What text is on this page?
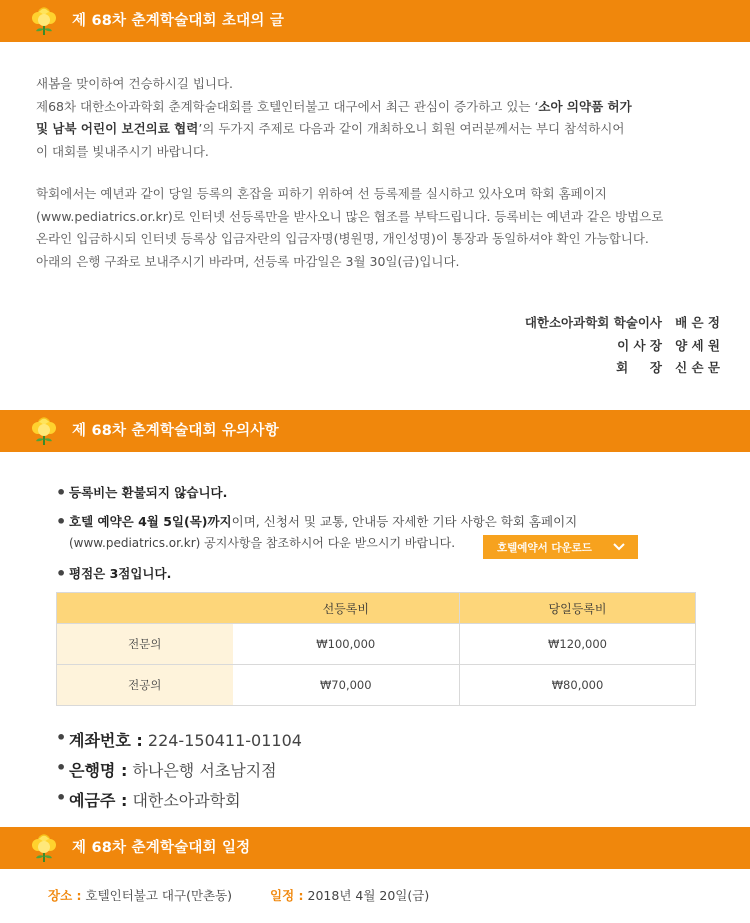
제 68차 춘계학술대회 초대의 글

새봄을 맞이하여 건승하시길 빕니다.

제68차 대한소아과학회 춘계학술대회를 호텔인터불고 대구에서 최근 관심이 증가하고 있는 ‘소아 의약품 허가

및 남북 어린이 보건의료 협력’의 두가지 주제로 다음과 같이 개최하오니 회원 여러분께서는 부디 참석하시어

이 대회를 빛내주시기 바랍니다.

학회에서는 예년과 같이 당일 등록의 혼잡을 피하기 위하여 선 등록제를 실시하고 있사오며 학회 홈페이지

(www.pediatrics.or.kr)로 인터넷 선등록만을 받사오니 많은 협조를 부탁드립니다. 등록비는 예년과 같은 방법으로

온라인 입금하시되 인터넷 등록상 입금자란의 입금자명(병원명, 개인성명)이 통장과 동일하셔야 확인 가능합니다.

아래의 은행 구좌로 보내주시기 바라며, 선등록 마감일은 3월 30일(금)입니다.

대한소아과학회 학술이사 배 은 정
이 사 장 양 세 원
회     장 신 손 문
제 68차 춘계학술대회 유의사항
• 등록비는 환불되지 않습니다.
• 호텔 예약은 4월 5일(목)까지이며, 신청서 및 교통, 안내등 자세한 기타 사항은 학회 홈페이지
(www.pediatrics.or.kr) 공지사항을 참조하시어 다운 받으시기 바랍니다.	호텔예약서 다운로드
• 평점은 3점입니다.
	선등록비	당일등록비
전문의	₩100,000	₩120,000
전공의	₩70,000	₩80,000
• 계좌번호 : 224-150411-01104
• 은행명 : 하나은행 서초남지점
• 예금주 : 대한소아과학회
제 68차 춘계학술대회 일정
장소 : 호텔인터불고 대구(만촌동)	일정 : 2018년 4월 20일(금)
